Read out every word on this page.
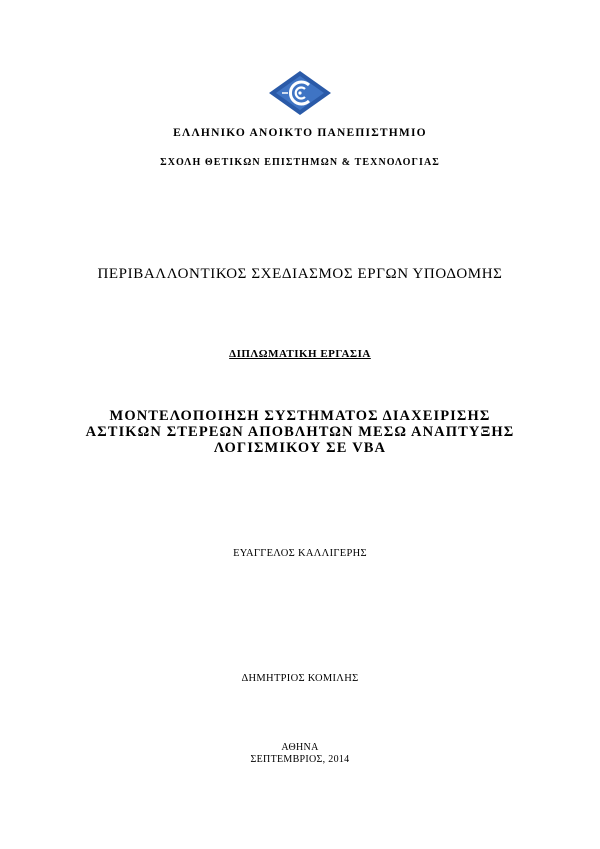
ΕΛΛΗΝΙΚΟ ΑΝΟΙΚΤΟ ΠΑΝΕΠΙΣΤΗΜΙΟ
ΣΧΟΛΗ ΘΕΤΙΚΩΝ ΕΠΙΣΤΗΜΩΝ & ΤΕΧΝΟΛΟΓΙΑΣ
ΠΕΡΙΒΑΛΛΟΝΤΙΚΟΣ ΣΧΕΔΙΑΣΜΟΣ ΕΡΓΩΝ ΥΠΟΔΟΜΗΣ
ΔΙΠΛΩΜΑΤΙΚΗ ΕΡΓΑΣΙΑ
ΜΟΝΤΕΛΟΠΟΙΗΣΗ ΣΥΣΤΗΜΑΤΟΣ ΔΙΑΧΕΙΡΙΣΗΣ
ΑΣΤΙΚΩΝ ΣΤΕΡΕΩΝ ΑΠΟΒΛΗΤΩΝ ΜΕΣΩ ΑΝΑΠΤΥΞΗΣ
ΛΟΓΙΣΜΙΚΟΥ ΣΕ VBA
ΕΥΑΓΓΕΛΟΣ ΚΑΛΛΙΓΕΡΗΣ
ΔΗΜΗΤΡΙΟΣ ΚΟΜΙΛΗΣ
ΑΘΗΝΑ
ΣΕΠΤΕΜΒΡΙΟΣ, 2014
